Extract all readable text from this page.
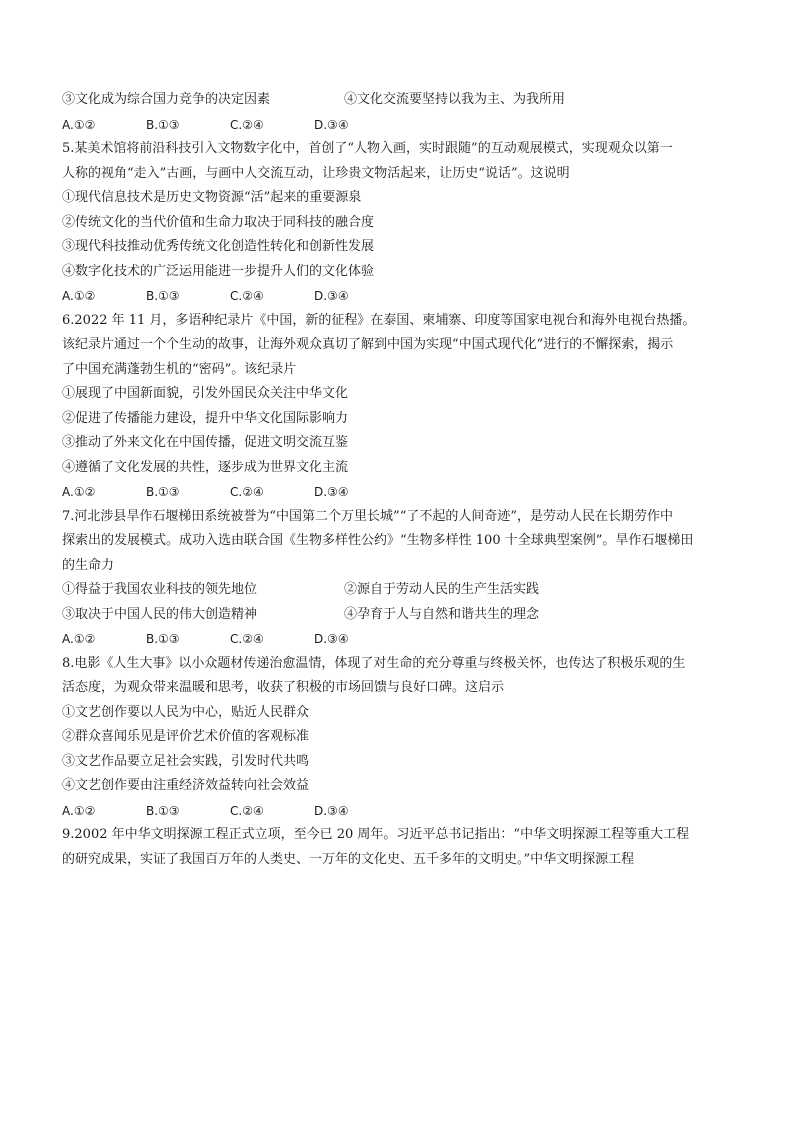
③文化成为综合国力竞争的决定因素	④文化交流要坚持以我为主、为我所用
A.①②	B.①③	C.②④	D.③④
5.某美术馆将前沿科技引入文物数字化中，首创了“人物入画，实时跟随”的互动观展模式，实现观众以第一
人称的视角“走入”古画，与画中人交流互动，让珍贵文物活起来，让历史“说话”。这说明
①现代信息技术是历史文物资源“活”起来的重要源泉
②传统文化的当代价值和生命力取决于同科技的融合度
③现代科技推动优秀传统文化创造性转化和创新性发展
④数字化技术的广泛运用能进一步提升人们的文化体验
A.①②	B.①③	C.②④	D.③④
6.2022 年 11 月，多语种纪录片《中国，新的征程》在泰国、柬埔寨、印度等国家电视台和海外电视台热播。
该纪录片通过一个个生动的故事，让海外观众真切了解到中国为实现“中国式现代化”进行的不懈探索，揭示
了中国充满蓬勃生机的“密码”。该纪录片
①展现了中国新面貌，引发外国民众关注中华文化
②促进了传播能力建设，提升中华文化国际影响力
③推动了外来文化在中国传播，促进文明交流互鉴
④遵循了文化发展的共性，逐步成为世界文化主流
A.①②	B.①③	C.②④	D.③④
7.河北涉县旱作石堰梯田系统被誉为“中国第二个万里长城”“了不起的人间奇迹”，是劳动人民在长期劳作中
探索出的发展模式。成功入选由联合国《生物多样性公约》“生物多样性 100 十全球典型案例”。旱作石堰梯田
的生命力
①得益于我国农业科技的领先地位	②源自于劳动人民的生产生活实践
③取决于中国人民的伟大创造精神	④孕育于人与自然和谐共生的理念
A.①②	B.①③	C.②④	D.③④
8.电影《人生大事》以小众题材传递治愈温情，体现了对生命的充分尊重与终极关怀，也传达了积极乐观的生
活态度，为观众带来温暖和思考，收获了积极的市场回馈与良好口碑。这启示
①文艺创作要以人民为中心，贴近人民群众
②群众喜闻乐见是评价艺术价值的客观标准
③文艺作品要立足社会实践，引发时代共鸣
④文艺创作要由注重经济效益转向社会效益
A.①②	B.①③	C.②④	D.③④
9.2002 年中华文明探源工程正式立项，至今已 20 周年。习近平总书记指出：“中华文明探源工程等重大工程
的研究成果，实证了我国百万年的人类史、一万年的文化史、五千多年的文明史。”中华文明探源工程
